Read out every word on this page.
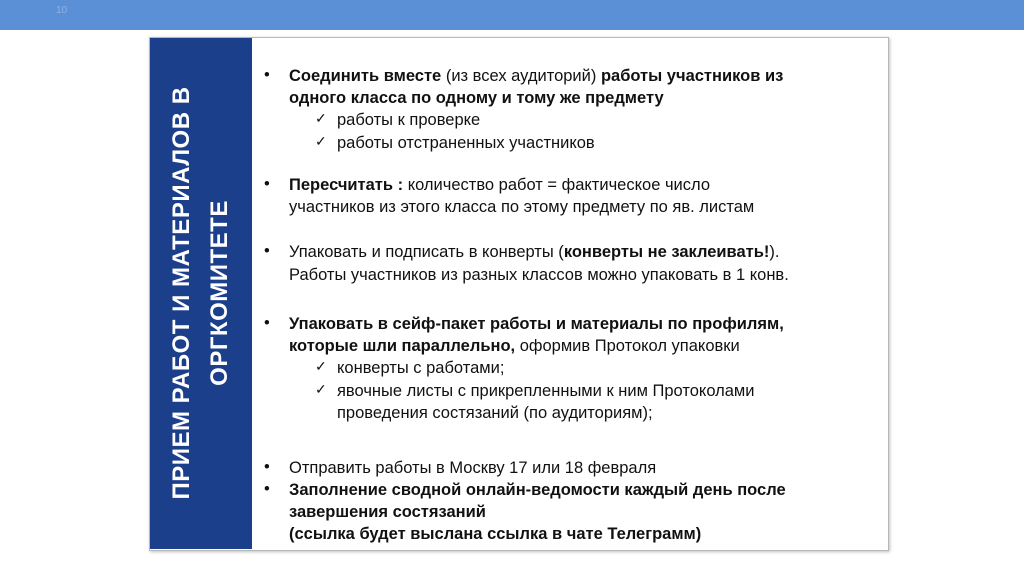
10
ПРИЕМ РАБОТ И МАТЕРИАЛОВ В ОРГКОМИТЕТЕ
• Соединить вместе (из всех аудиторий) работы участников из
одного класса по одному и тому же предмету
✓ работы к проверке
✓ работы отстраненных участников
• Пересчитать : количество работ = фактическое число
участников из этого класса по этому предмету по яв. листам
• Упаковать и подписать в конверты (конверты не заклеивать!).
Работы участников из разных классов можно упаковать в 1 конв.
• Упаковать в сейф-пакет работы и материалы по профилям,
которые шли параллельно, оформив Протокол упаковки
✓ конверты с работами;
✓ явочные листы с прикрепленными к ним Протоколами
проведения состязаний (по аудиториям);
• Отправить работы в Москву 17 или 18 февраля
• Заполнение сводной онлайн-ведомости каждый день после
завершения состязаний
(ссылка будет выслана ссылка в чате Телеграмм)
